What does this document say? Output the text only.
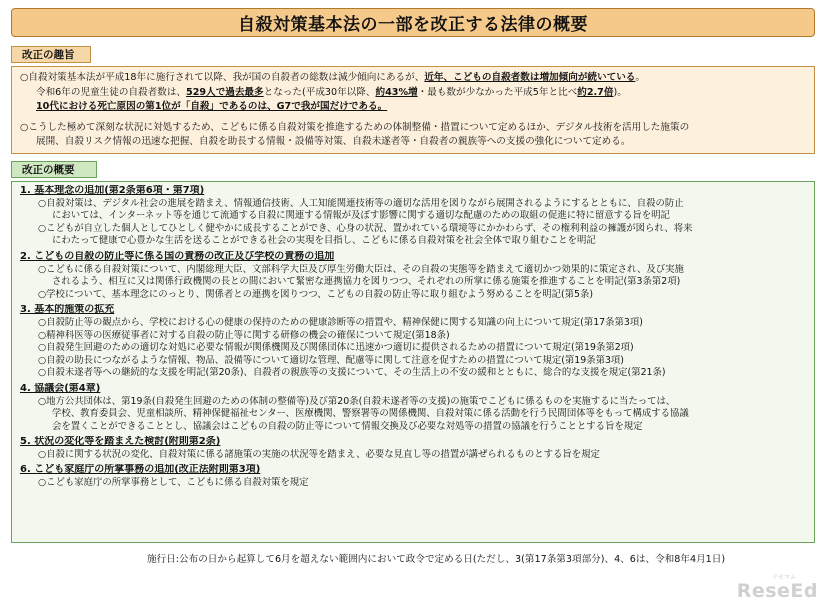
自殺対策基本法の一部を改正する法律の概要
改正の趣旨

○自殺対策基本法が平成18年に施行されて以降、我が国の自殺者の総数は減少傾向にあるが、近年、こどもの自殺者数は増加傾向が続いている。

令和6年の児童生徒の自殺者数は、529人で過去最多となった(平成30年以降、約43%増・最も数が少なかった平成5年と比べ約2.7倍)。

10代における死亡原因の第1位が「自殺」であるのは、G7で我が国だけである。

○こうした極めて深刻な状況に対処するため、こどもに係る自殺対策を推進するための体制整備・措置について定めるほか、デジタル技術を活用した施策の

展開、自殺リスク情報の迅速な把握、自殺を助長する情報・設備等対策、自殺未遂者等・自殺者の親族等への支援の強化について定める。

改正の概要

1. 基本理念の追加(第2条第6項・第7項)

○自殺対策は、デジタル社会の進展を踏まえ、情報通信技術、人工知能関連技術等の適切な活用を図りながら展開されるようにするとともに、自殺の防止

においては、インターネット等を通じて流通する自殺に関連する情報が及ぼす影響に関する適切な配慮のための取組の促進に特に留意する旨を明記

○こどもが自立した個人としてひとしく健やかに成長することができ、心身の状況、置かれている環境等にかかわらず、その権利利益の擁護が図られ、将来

にわたって健康で心豊かな生活を送ることができる社会の実現を目指し、こどもに係る自殺対策を社会全体で取り組むことを明記

2. こどもの自殺の防止等に係る国の責務の改正及び学校の責務の追加

○こどもに係る自殺対策について、内閣総理大臣、文部科学大臣及び厚生労働大臣は、その自殺の実態等を踏まえて適切かつ効果的に策定され、及び実施

されるよう、相互に又は関係行政機関の長との間において緊密な連携協力を図りつつ、それぞれの所掌に係る施策を推進することを明記(第3条第2項)

○学校について、基本理念にのっとり、関係者との連携を図りつつ、こどもの自殺の防止等に取り組むよう努めることを明記(第5条)

3. 基本的施策の拡充

○自殺防止等の観点から、学校における心の健康の保持のための健康診断等の措置や、精神保健に関する知識の向上について規定(第17条第3項)

○精神科医等の医療従事者に対する自殺の防止等に関する研修の機会の確保について規定(第18条)

○自殺発生回避のための適切な対処に必要な情報が関係機関及び関係団体に迅速かつ適切に提供されるための措置について規定(第19条第2項)

○自殺の助長につながるような情報、物品、設備等について適切な管理、配慮等に関して注意を促すための措置について規定(第19条第3項)

○自殺未遂者等への継続的な支援を明記(第20条)、自殺者の親族等の支援について、その生活上の不安の緩和とともに、総合的な支援を規定(第21条)

4. 協議会(第4章)

○地方公共団体は、第19条(自殺発生回避のための体制の整備等)及び第20条(自殺未遂者等の支援)の施策でこどもに係るものを実施するに当たっては、

学校、教育委員会、児童相談所、精神保健福祉センター、医療機関、警察署等の関係機関、自殺対策に係る活動を行う民間団体等をもって構成する協議

会を置くことができることとし、協議会はこどもの自殺の防止等について情報交換及び必要な対処等の措置の協議を行うこととする旨を規定

5. 状況の変化等を踏まえた検討(附則第2条)

○自殺に関する状況の変化、自殺対策に係る諸施策の実施の状況等を踏まえ、必要な見直し等の措置が講ぜられるものとする旨を規定

6. こども家庭庁の所掌事務の追加(改正法附則第3項)

○こども家庭庁の所掌事務として、こどもに係る自殺対策を規定

施行日:公布の日から起算して6月を超えない範囲内において政令で定める日(ただし、3(第17条第3項部分)、4、6は、令和8年4月1日)
リセマム
ReseEd
